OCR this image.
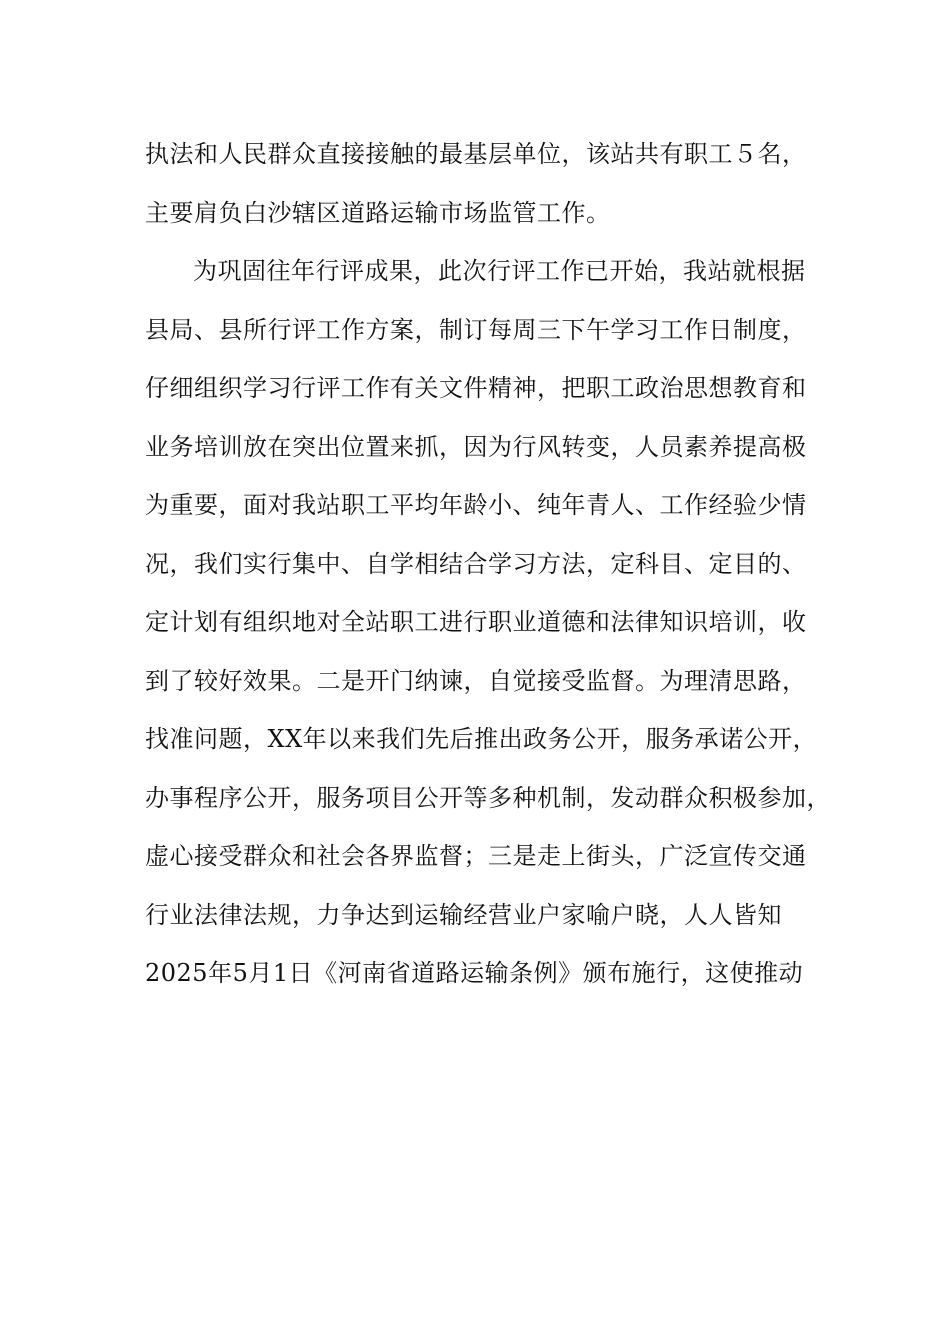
执法和人民群众直接接触的最基层单位，该站共有职工５名，
主要肩负白沙辖区道路运输市场监管工作。
为巩固往年行评成果，此次行评工作已开始，我站就根据
县局、县所行评工作方案，制订每周三下午学习工作日制度，
仔细组织学习行评工作有关文件精神，把职工政治思想教育和
业务培训放在突出位置来抓，因为行风转变，人员素养提高极
为重要，面对我站职工平均年龄小、纯年青人、工作经验少情
况，我们实行集中、自学相结合学习方法，定科目、定目的、
定计划有组织地对全站职工进行职业道德和法律知识培训，收
到了较好效果。二是开门纳谏，自觉接受监督。为理清思路，
找准问题，XX年以来我们先后推出政务公开，服务承诺公开，
办事程序公开，服务项目公开等多种机制，发动群众积极参加，
虚心接受群众和社会各界监督；三是走上街头，广泛宣传交通
行业法律法规，力争达到运输经营业户家喻户晓，人人皆知
2025年5月1日《河南省道路运输条例》颁布施行，这使推动
